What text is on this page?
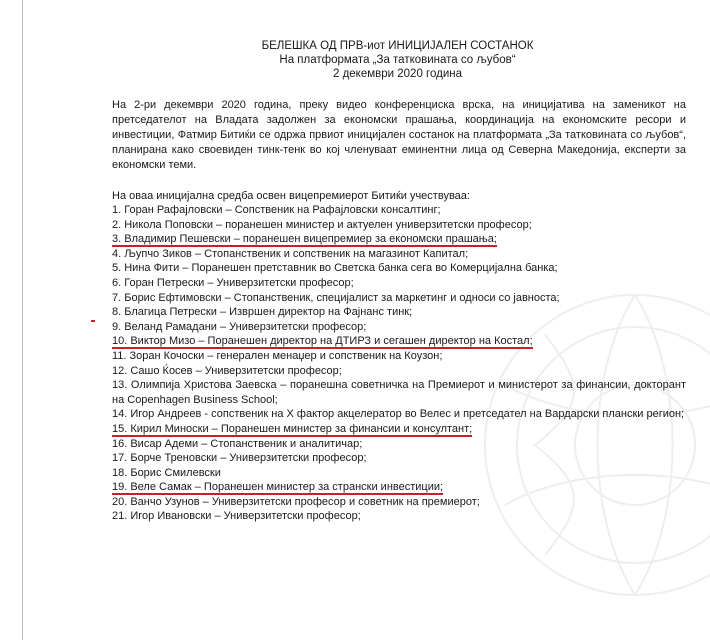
БЕЛЕШКА ОД ПРВ-иот ИНИЦИЈАЛЕН СОСТАНОК
На платформата „За татковината со љубов“
2 декември 2020 година

На 2-ри декември 2020 година, преку видео конференциска врска, на иницијатива на заменикот на претседателот на Владата задолжен за економски прашања, координација на економските ресори и инвестиции, Фатмир Битиќи се одржа првиот иницијален состанок на платформата „За татковината со љубов“, планирана како своевиден тинк-тенк во кој членуваат еминентни лица од Северна Македонија, експерти за економски теми.

На оваа иницијална средба освен вицепремиерот Битиќи учествуваа:

1. Горан Рафајловски – Сопственик на Рафајловски консалтинг;
2. Никола Поповски – поранешен министер и актуелен универзитетски професор;
3. Владимир Пешевски – поранешен вицепремиер за економски прашања;
4. Љупчо Зиков – Стопанственик и сопственик на магазинот Капитал;
5. Нина Фити – Поранешен претставник во Светска банка сега во Комерцијална банка;
6. Горан Петрески – Универзитетски професор;
7. Борис Ефтимовски – Стопанственик, специјалист за маркетинг и односи со јавноста;
8. Благица Петрески – Извршен директор на Фајнанс тинк;
9. Веланд Рамадани – Универзитетски професор;
10. Виктор Мизо – Поранешен директор на ДТИРЗ и сегашен директор на Костал;
11. Зоран Кочоски – генерален менаџер и сопственик на Коузон;
12. Сашо Ќосев – Универзитетски професор;
13. Олимпија Христова Заевска – поранешна советничка на Премиерот и министерот за финансии, докторант на Copenhagen Business School;
14. Игор Андреев - сопственик на X фактор акцелератор во Велес и претседател на Вардарски плански регион;
15. Кирил Миноски – Поранешен министер за финансии и консултант;
16. Висар Адеми – Стопанственик и аналитичар;
17. Борче Треновски – Универзитетски професор;
18. Борис Смилевски
19. Веле Самак – Поранешен министер за странски инвестиции;
20. Ванчо Узунов – Универзитетски професор и советник на премиерот;
21. Игор Ивановски – Универзитетски професор;
